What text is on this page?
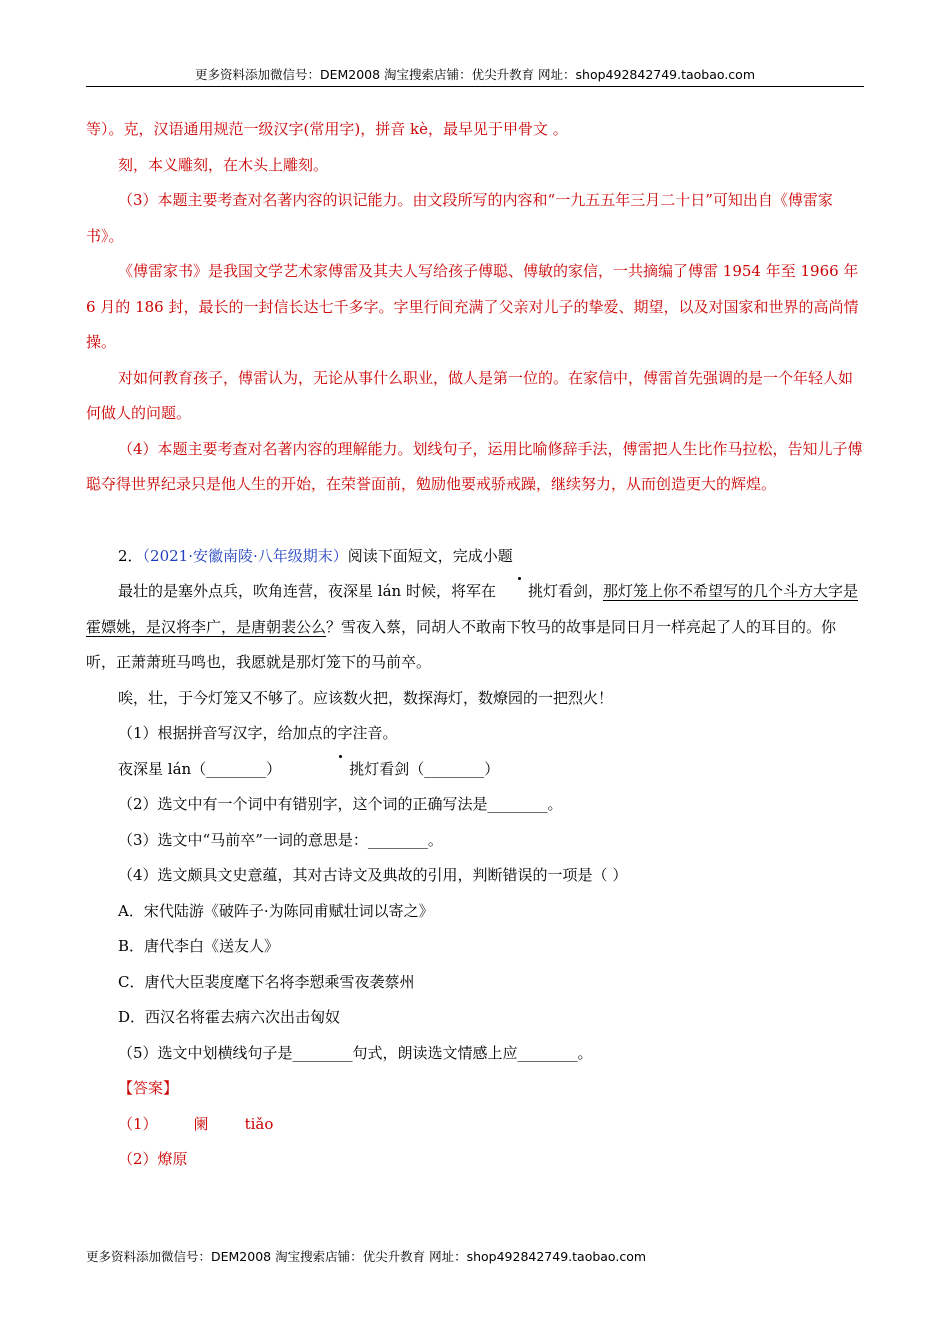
更多资料添加微信号：DEM2008 淘宝搜索店铺：优尖升教育 网址：shop492842749.taobao.com

等）。克，汉语通用规范一级汉字(常用字)，拼音 kè，最早见于甲骨文 。

刻，本义雕刻，在木头上雕刻。

（3）本题主要考查对名著内容的识记能力。由文段所写的内容和“一九五五年三月二十日”可知出自《傅雷家书》。

《傅雷家书》是我国文学艺术家傅雷及其夫人写给孩子傅聪、傅敏的家信，一共摘编了傅雷 1954 年至 1966 年 6 月的 186 封，最长的一封信长达七千多字。字里行间充满了父亲对儿子的挚爱、期望，以及对国家和世界的高尚情操。

对如何教育孩子，傅雷认为，无论从事什么职业，做人是第一位的。在家信中，傅雷首先强调的是一个年轻人如何做人的问题。

（4）本题主要考查对名著内容的理解能力。划线句子，运用比喻修辞手法，傅雷把人生比作马拉松，告知儿子傅聪夺得世界纪录只是他人生的开始，在荣誉面前，勉励他要戒骄戒躁，继续努力，从而创造更大的辉煌。

2．（2021·安徽南陵·八年级期末）阅读下面短文，完成小题

最壮的是塞外点兵，吹角连营，夜深星 lán 时候，将军在 挑灯看剑，那灯笼上你不希望写的几个斗方大字是霍嫖姚，是汉将李广，是唐朝裴公么？雪夜入蔡，同胡人不敢南下牧马的故事是同日月一样亮起了人的耳目的。你听，正萧萧班马鸣也，我愿就是那灯笼下的马前卒。

唉，壮，于今灯笼又不够了。应该数火把，数探海灯，数燎园的一把烈火！

（1）根据拼音写汉字，给加点的字注音。

夜深星 lán（________）	挑灯看剑（________）

（2）选文中有一个词中有错别字，这个词的正确写法是________。

（3）选文中“马前卒”一词的意思是：________。

（4）选文颇具文史意蕴，其对古诗文及典故的引用，判断错误的一项是（ ）

A．宋代陆游《破阵子·为陈同甫赋壮词以寄之》

B．唐代李白《送友人》

C．唐代大臣裴度麾下名将李愬乘雪夜袭蔡州

D．西汉名将霍去病六次出击匈奴

（5）选文中划横线句子是________句式，朗读选文情感上应________。

【答案】

（1） 阑 tiǎo

（2）燎原

更多资料添加微信号：DEM2008 淘宝搜索店铺：优尖升教育 网址：shop492842749.taobao.com
